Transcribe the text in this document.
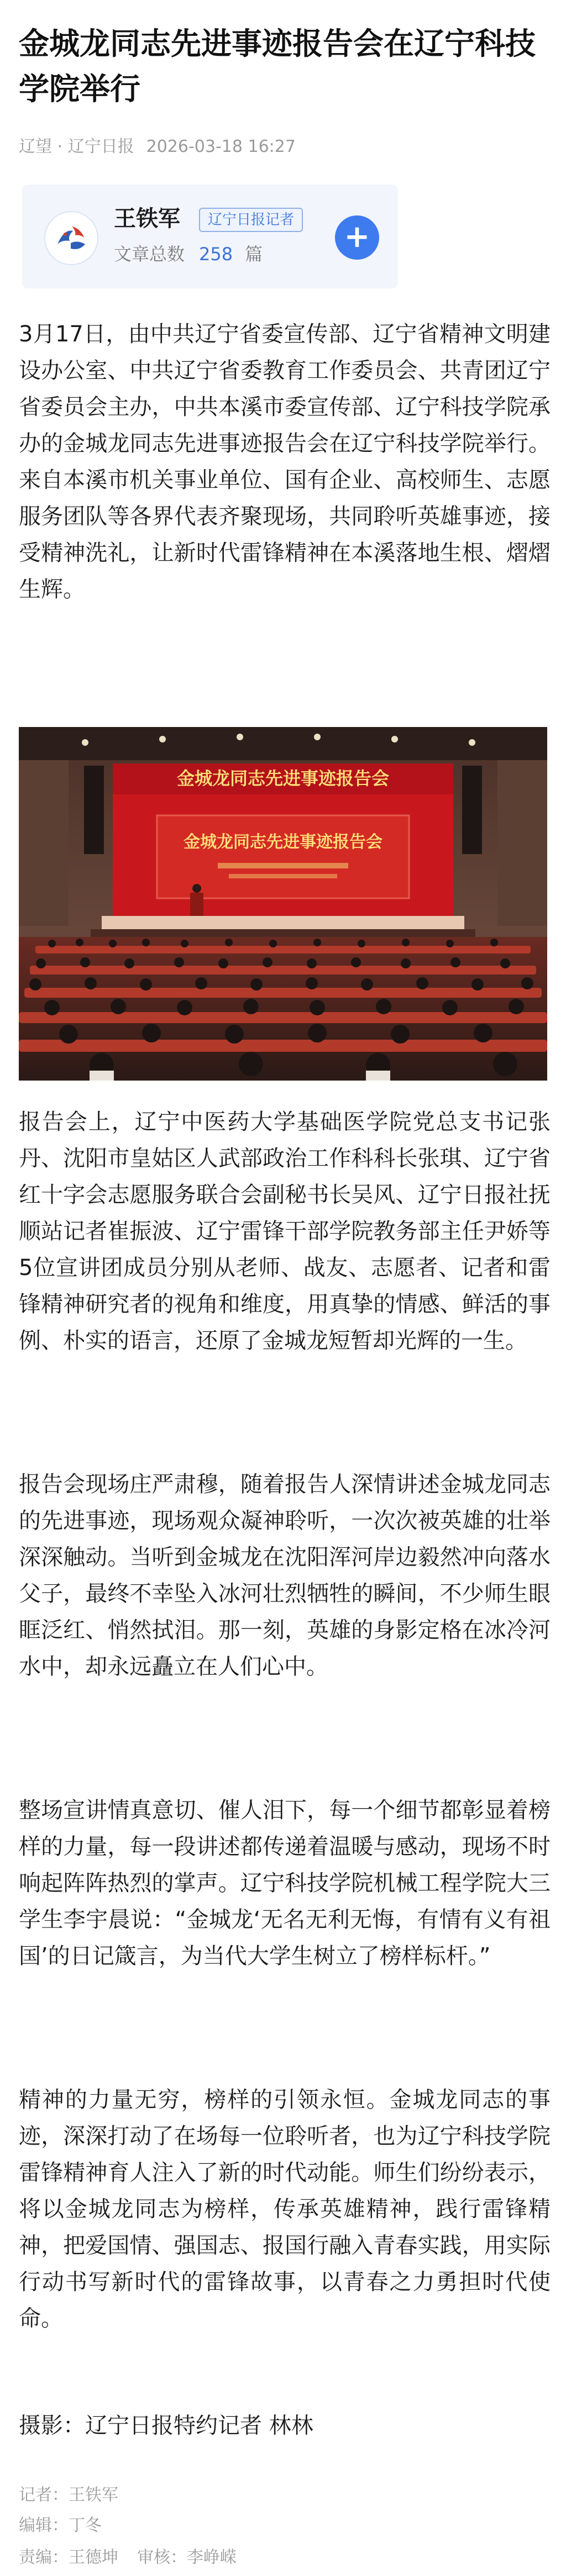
金城龙同志先进事迹报告会在辽宁科技学院举行
辽望 · 辽宁日报 2026-03-18 16:27
王铁军	辽宁日报记者
文章总数 258 篇	+

3月17日，由中共辽宁省委宣传部、辽宁省精神文明建设办公室、中共辽宁省委教育工作委员会、共青团辽宁省委员会主办，中共本溪市委宣传部、辽宁科技学院承办的金城龙同志先进事迹报告会在辽宁科技学院举行。来自本溪市机关事业单位、国有企业、高校师生、志愿服务团队等各界代表齐聚现场，共同聆听英雄事迹，接受精神洗礼，让新时代雷锋精神在本溪落地生根、熠熠生辉。

金城龙同志先进事迹报告会
金城龙同志先进事迹报告会

报告会上，辽宁中医药大学基础医学院党总支书记张丹、沈阳市皇姑区人武部政治工作科科长张琪、辽宁省红十字会志愿服务联合会副秘书长吴风、辽宁日报社抚顺站记者崔振波、辽宁雷锋干部学院教务部主任尹娇等5位宣讲团成员分别从老师、战友、志愿者、记者和雷锋精神研究者的视角和维度，用真挚的情感、鲜活的事例、朴实的语言，还原了金城龙短暂却光辉的一生。

报告会现场庄严肃穆，随着报告人深情讲述金城龙同志的先进事迹，现场观众凝神聆听，一次次被英雄的壮举深深触动。当听到金城龙在沈阳浑河岸边毅然冲向落水父子，最终不幸坠入冰河壮烈牺牲的瞬间，不少师生眼眶泛红、悄然拭泪。那一刻，英雄的身影定格在冰冷河水中，却永远矗立在人们心中。

整场宣讲情真意切、催人泪下，每一个细节都彰显着榜样的力量，每一段讲述都传递着温暖与感动，现场不时响起阵阵热烈的掌声。辽宁科技学院机械工程学院大三学生李宇晨说：“金城龙‘无名无利无悔，有情有义有祖国’的日记箴言，为当代大学生树立了榜样标杆。”

精神的力量无穷，榜样的引领永恒。金城龙同志的事迹，深深打动了在场每一位聆听者，也为辽宁科技学院雷锋精神育人注入了新的时代动能。师生们纷纷表示，将以金城龙同志为榜样，传承英雄精神，践行雷锋精神，把爱国情、强国志、报国行融入青春实践，用实际行动书写新时代的雷锋故事，以青春之力勇担时代使命。

摄影：辽宁日报特约记者 林林

记者：王铁军
编辑：丁冬
责编：王德坤 审核：李峥嵘
